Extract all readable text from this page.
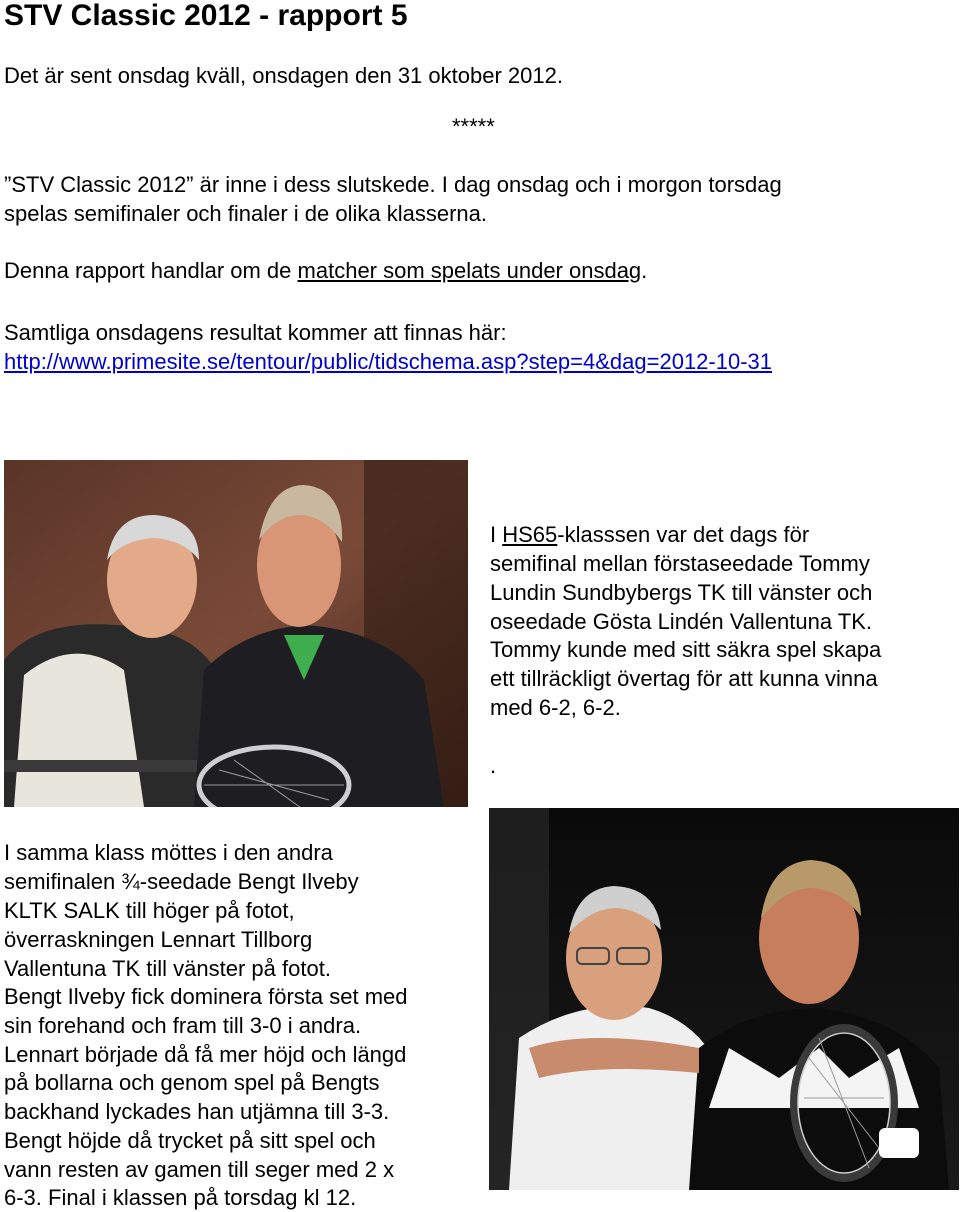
STV Classic 2012 - rapport 5
Det är sent onsdag kväll, onsdagen den 31 oktober 2012.
*****
”STV Classic 2012” är inne i dess slutskede. I dag onsdag och i morgon torsdag
spelas semifinaler och finaler i de olika klasserna.
Denna rapport handlar om de matcher som spelats under onsdag.
Samtliga onsdagens resultat kommer att finnas här:
http://www.primesite.se/tentour/public/tidschema.asp?step=4&dag=2012-10-31
I HS65-klasssen var det dags för
semifinal mellan förstaseedade Tommy
Lundin Sundbybergs TK till vänster och
oseedade Gösta Lindén Vallentuna TK.
Tommy kunde med sitt säkra spel skapa
ett tillräckligt övertag för att kunna vinna
med 6-2, 6-2.
.
I samma klass möttes i den andra
semifinalen ¾-seedade Bengt Ilveby
KLTK SALK till höger på fotot,
överraskningen Lennart Tillborg
Vallentuna TK till vänster på fotot.
Bengt Ilveby fick dominera första set med
sin forehand och fram till 3-0 i andra.
Lennart började då få mer höjd och längd
på bollarna och genom spel på Bengts
backhand lyckades han utjämna till 3-3.
Bengt höjde då trycket på sitt spel och
vann resten av gamen till seger med 2 x
6-3. Final i klassen på torsdag kl 12.
